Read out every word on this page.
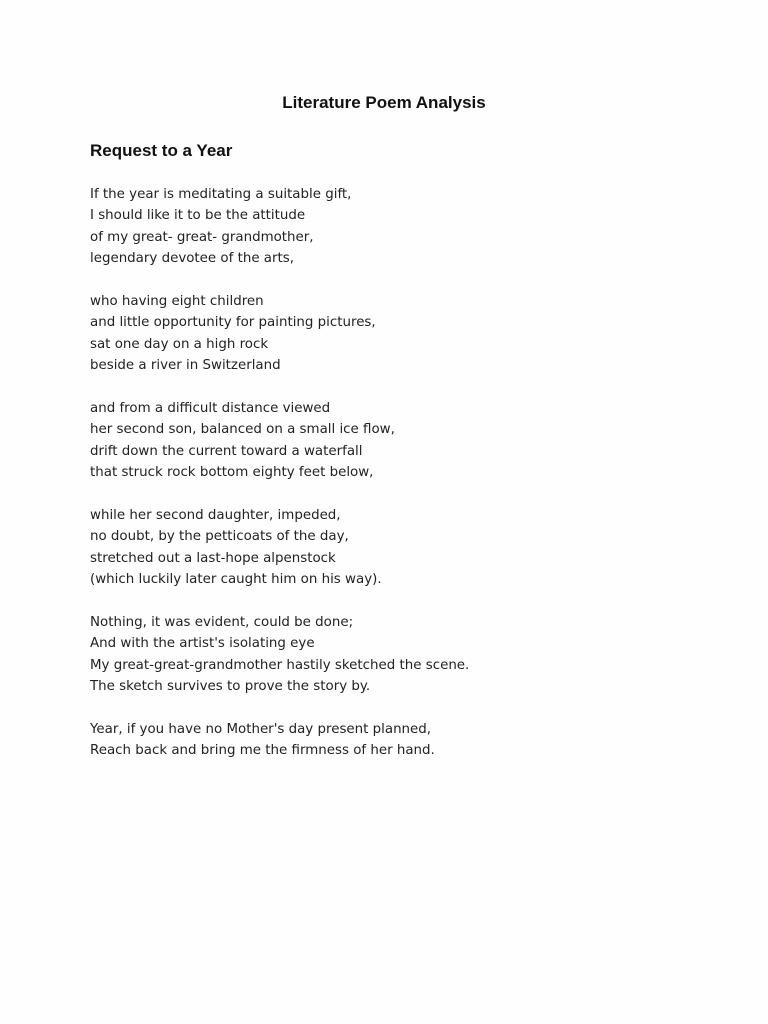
Literature Poem Analysis
Request to a Year
If the year is meditating a suitable gift,
I should like it to be the attitude
of my great- great- grandmother,
legendary devotee of the arts,
who having eight children
and little opportunity for painting pictures,
sat one day on a high rock
beside a river in Switzerland
and from a difficult distance viewed
her second son, balanced on a small ice flow,
drift down the current toward a waterfall
that struck rock bottom eighty feet below,
while her second daughter, impeded,
no doubt, by the petticoats of the day,
stretched out a last-hope alpenstock
(which luckily later caught him on his way).
Nothing, it was evident, could be done;
And with the artist's isolating eye
My great-great-grandmother hastily sketched the scene.
The sketch survives to prove the story by.
Year, if you have no Mother's day present planned,
Reach back and bring me the firmness of her hand.
